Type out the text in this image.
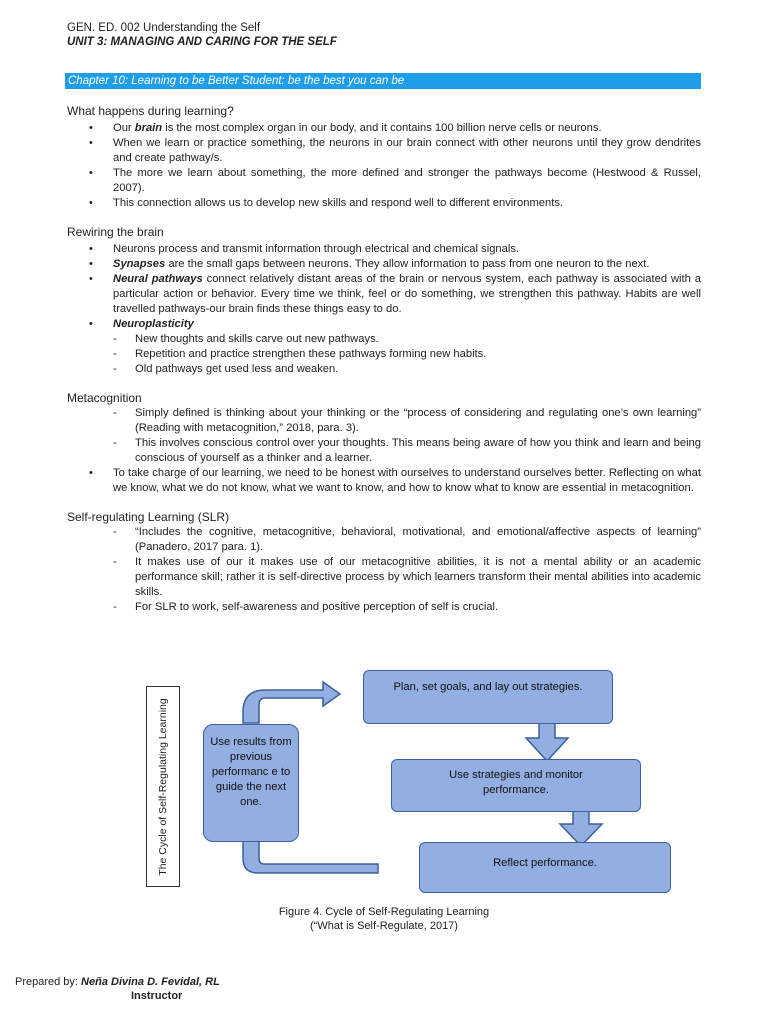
GEN. ED. 002 Understanding the Self
UNIT 3: MANAGING AND CARING FOR THE SELF
Chapter 10: Learning to be Better Student: be the best you can be
What happens during learning?
• Our brain is the most complex organ in our body, and it contains 100 billion nerve cells or neurons.
• When we learn or practice something, the neurons in our brain connect with other neurons until they grow dendrites and create pathway/s.
• The more we learn about something, the more defined and stronger the pathways become (Hestwood & Russel, 2007).
• This connection allows us to develop new skills and respond well to different environments.
Rewiring the brain
• Neurons process and transmit information through electrical and chemical signals.
• Synapses are the small gaps between neurons. They allow information to pass from one neuron to the next.
• Neural pathways connect relatively distant areas of the brain or nervous system, each pathway is associated with a particular action or behavior. Every time we think, feel or do something, we strengthen this pathway. Habits are well travelled pathways-our brain finds these things easy to do.
• Neuroplasticity
- New thoughts and skills carve out new pathways.
- Repetition and practice strengthen these pathways forming new habits.
- Old pathways get used less and weaken.
Metacognition
- Simply defined is thinking about your thinking or the “process of considering and regulating one’s own learning” (Reading with metacognition,” 2018, para. 3).
- This involves conscious control over your thoughts. This means being aware of how you think and learn and being conscious of yourself as a thinker and a learner.
• To take charge of our learning, we need to be honest with ourselves to understand ourselves better. Reflecting on what we know, what we do not know, what we want to know, and how to know what to know are essential in metacognition.
Self-regulating Learning (SLR)
- “Includes the cognitive, metacognitive, behavioral, motivational, and emotional/affective aspects of learning” (Panadero, 2017 para. 1).
- It makes use of our it makes use of our metacognitive abilities, it is not a mental ability or an academic performance skill; rather it is self-directive process by which learners transform their mental abilities into academic skills.
- For SLR to work, self-awareness and positive perception of self is crucial.
The Cycle of Self-Regulating Learning	Use results from previous performanc e to guide the next one.
Plan, set goals, and lay out strategies.
Use strategies and monitor performance.
Reflect performance.
Figure 4. Cycle of Self-Regulating Learning
(“What is Self-Regulate, 2017)
Prepared by: Neña Divina D. Fevidal, RL
Instructor
